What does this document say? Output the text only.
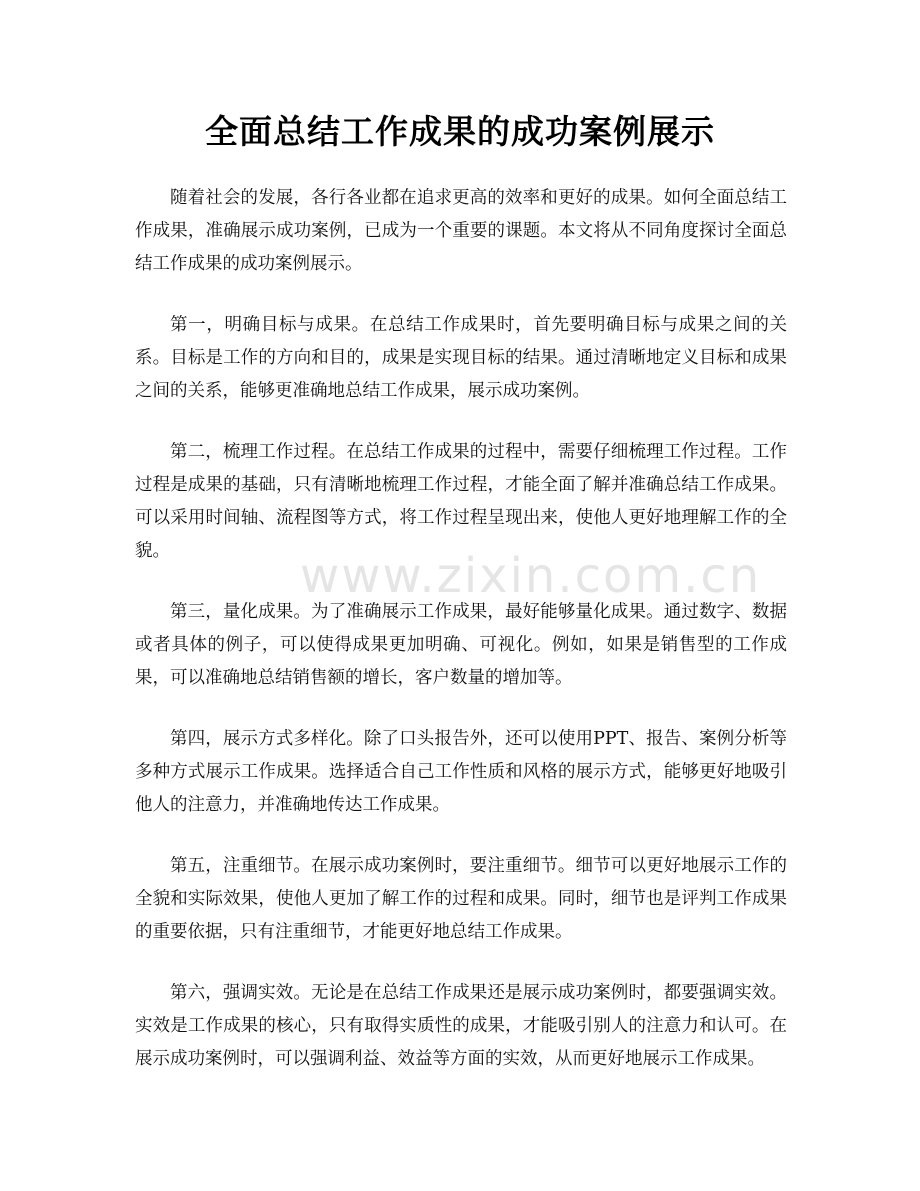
全面总结工作成果的成功案例展示
www.zixin.com.cn

随着社会的发展，各行各业都在追求更高的效率和更好的成果。如何全面总结工作成果，准确展示成功案例，已成为一个重要的课题。本文将从不同角度探讨全面总结工作成果的成功案例展示。

第一，明确目标与成果。在总结工作成果时，首先要明确目标与成果之间的关系。目标是工作的方向和目的，成果是实现目标的结果。通过清晰地定义目标和成果之间的关系，能够更准确地总结工作成果，展示成功案例。

第二，梳理工作过程。在总结工作成果的过程中，需要仔细梳理工作过程。工作过程是成果的基础，只有清晰地梳理工作过程，才能全面了解并准确总结工作成果。可以采用时间轴、流程图等方式，将工作过程呈现出来，使他人更好地理解工作的全貌。

第三，量化成果。为了准确展示工作成果，最好能够量化成果。通过数字、数据或者具体的例子，可以使得成果更加明确、可视化。例如，如果是销售型的工作成果，可以准确地总结销售额的增长，客户数量的增加等。

第四，展示方式多样化。除了口头报告外，还可以使用PPT、报告、案例分析等多种方式展示工作成果。选择适合自己工作性质和风格的展示方式，能够更好地吸引他人的注意力，并准确地传达工作成果。

第五，注重细节。在展示成功案例时，要注重细节。细节可以更好地展示工作的全貌和实际效果，使他人更加了解工作的过程和成果。同时，细节也是评判工作成果的重要依据，只有注重细节，才能更好地总结工作成果。

第六，强调实效。无论是在总结工作成果还是展示成功案例时，都要强调实效。实效是工作成果的核心，只有取得实质性的成果，才能吸引别人的注意力和认可。在展示成功案例时，可以强调利益、效益等方面的实效，从而更好地展示工作成果。
